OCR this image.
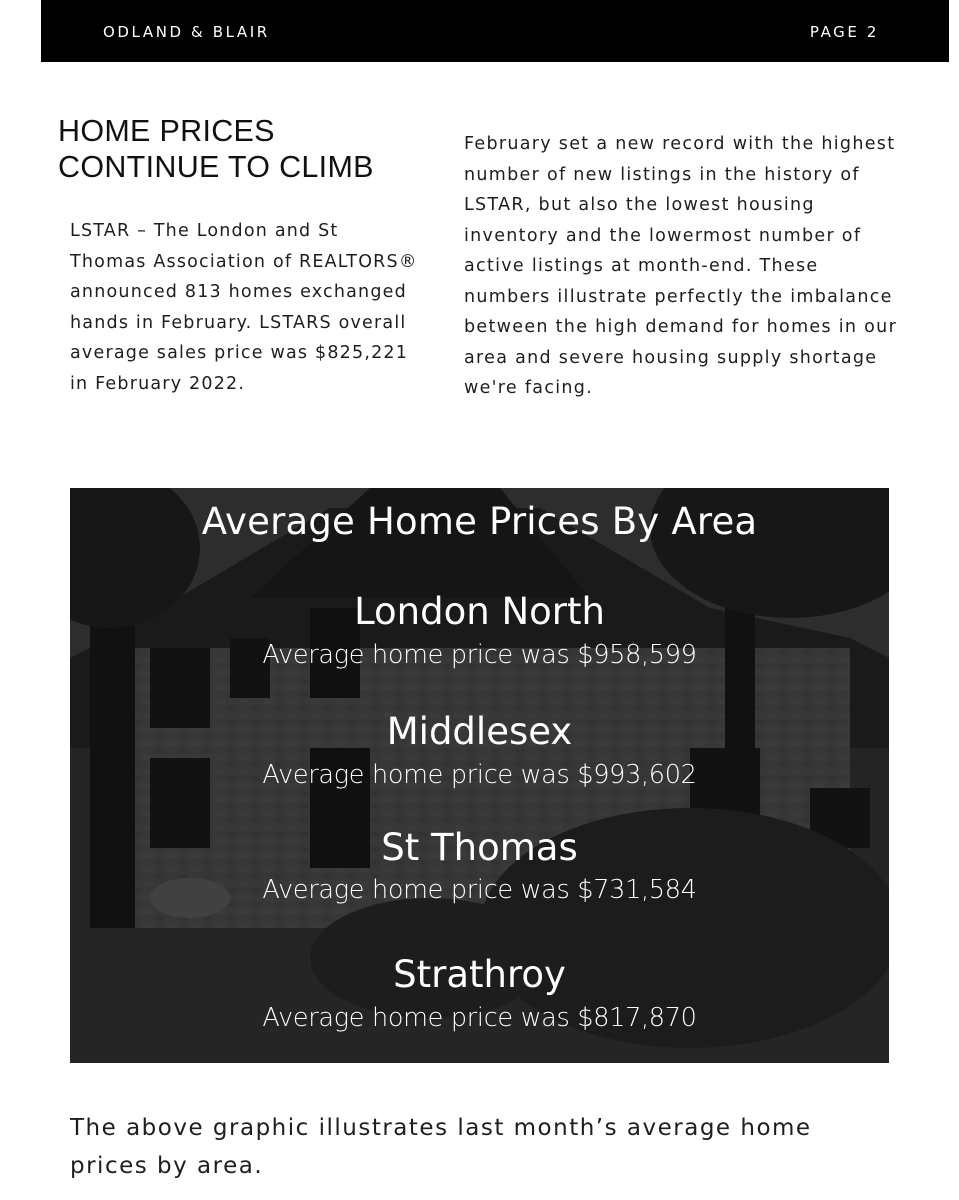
ODLAND & BLAIR	PAGE 2
HOME PRICES CONTINUE TO CLIMB

LSTAR – The London and St Thomas Association of REALTORS® announced 813 homes exchanged hands in February. LSTARS overall average sales price was $825,221 in February 2022.

February set a new record with the highest number of new listings in the history of LSTAR, but also the lowest housing inventory and the lowermost number of active listings at month-end. These numbers illustrate perfectly the imbalance between the high demand for homes in our area and severe housing supply shortage we're facing.

Average Home Prices By Area
London North
Average home price was $958,599
Middlesex
Average home price was $993,602
St Thomas
Average home price was $731,584
Strathroy
Average home price was $817,870

The above graphic illustrates last month’s average home prices by area.
